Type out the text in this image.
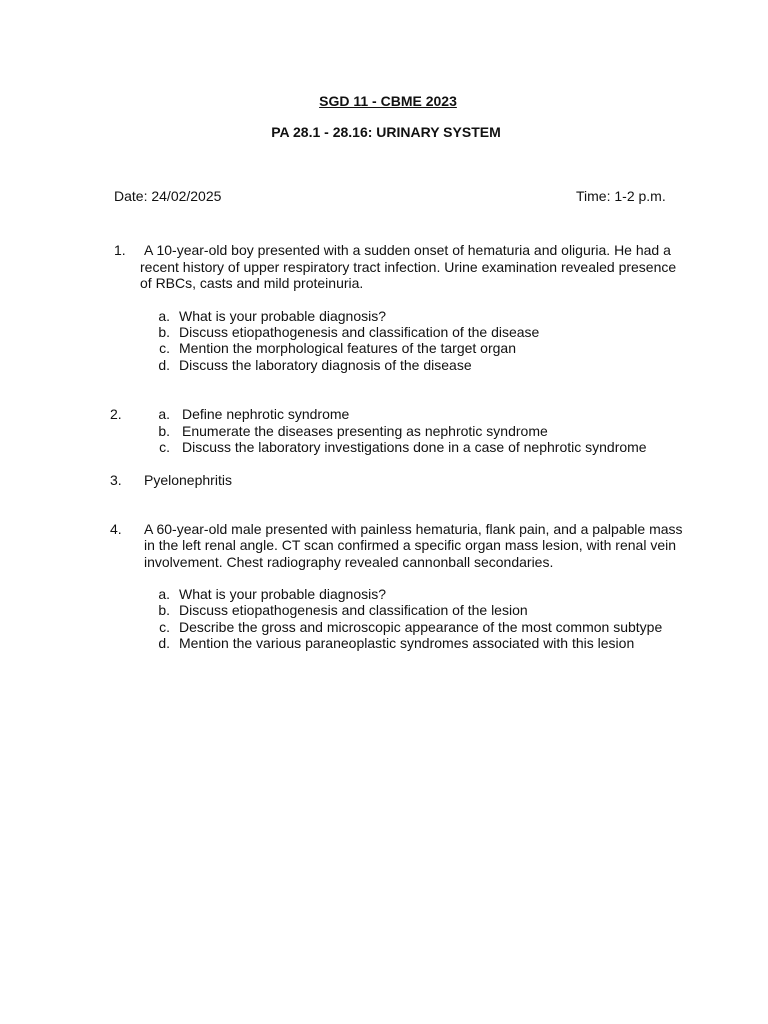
SGD 11 - CBME 2023
PA 28.1 - 28.16: URINARY SYSTEM
Date: 24/02/2025	Time: 1-2 p.m.
1. A 10-year-old boy presented with a sudden onset of hematuria and oliguria. He had a
recent history of upper respiratory tract infection. Urine examination revealed presence
of RBCs, casts and mild proteinuria.
a. What is your probable diagnosis?
b. Discuss etiopathogenesis and classification of the disease
c. Mention the morphological features of the target organ
d. Discuss the laboratory diagnosis of the disease
2.	a. Define nephrotic syndrome
b. Enumerate the diseases presenting as nephrotic syndrome
c. Discuss the laboratory investigations done in a case of nephrotic syndrome
3. Pyelonephritis
4. A 60-year-old male presented with painless hematuria, flank pain, and a palpable mass
in the left renal angle. CT scan confirmed a specific organ mass lesion, with renal vein
involvement. Chest radiography revealed cannonball secondaries.
a. What is your probable diagnosis?
b. Discuss etiopathogenesis and classification of the lesion
c. Describe the gross and microscopic appearance of the most common subtype
d. Mention the various paraneoplastic syndromes associated with this lesion
